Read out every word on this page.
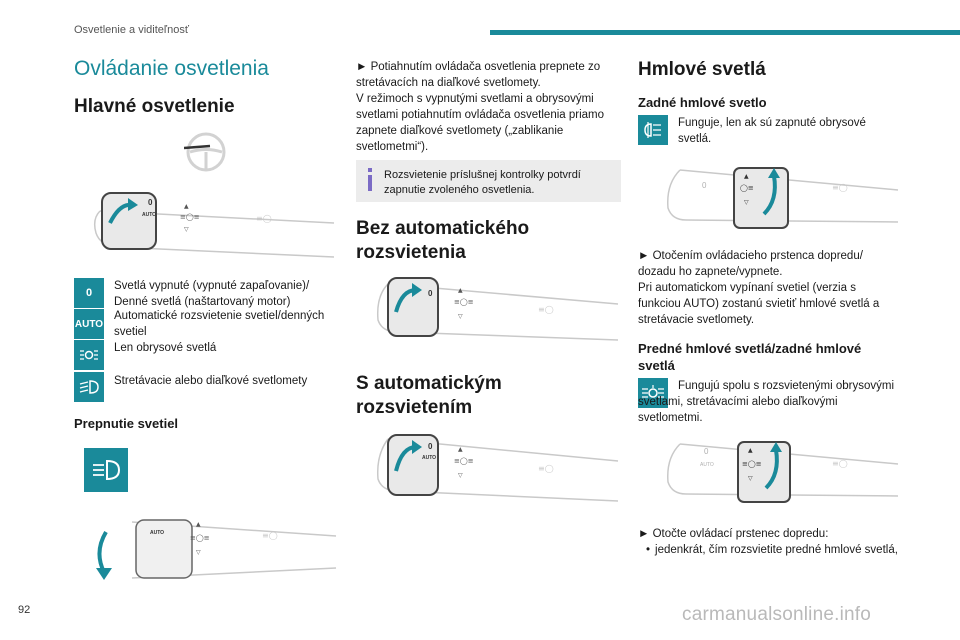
Osvetlenie a viditeľnosť
Ovládanie osvetlenia
Hlavné osvetlenie
0
AUTO
▲
≡◯≡
▽
≡◯
0
Svetlá vypnuté (vypnuté zapaľovanie)/ Denné svetlá (naštartovaný motor)
AUTO
Automatické rozsvietenie svetiel/denných svetiel
Len obrysové svetlá
Stretávacie alebo diaľkové svetlomety
Prepnutie svetiel
AUTO
▲
≡◯≡
▽
≡◯
► Potiahnutím ovládača osvetlenia prepnete zo stretávacích na diaľkové svetlomety.
V režimoch s vypnutými svetlami a obrysovými svetlami potiahnutím ovládača osvetlenia priamo zapnete diaľkové svetlomety („zablikanie svetlometmi“).
Rozsvietenie príslušnej kontrolky potvrdí zapnutie zvoleného osvetlenia.
Bez automatického rozsvietenia
0	▲
≡◯≡
▽
≡◯
S automatickým rozsvietením
0
AUTO
▲
≡◯≡
▽
≡◯
Hmlové svetlá
Zadné hmlové svetlo
Funguje, len ak sú zapnuté obrysové svetlá.
0
▲
◯≡
▽
≡◯
► Otočením ovládacieho prstenca dopredu/ dozadu ho zapnete/vypnete.
Pri automatickom vypínaní svetiel (verzia s funkciou AUTO) zostanú svietiť hmlové svetlá a stretávacie svetlomety.
Predné hmlové svetlá/zadné hmlové svetlá
Fungujú spolu s rozsvietenými obrysovými svetlami, stretávacími alebo diaľkovými svetlometmi.
0
AUTO
▲
≡◯≡
▽
≡◯
► Otočte ovládací prstenec dopredu:
• jedenkrát, čím rozsvietite predné hmlové svetlá,
92	carmanualsonline.info
